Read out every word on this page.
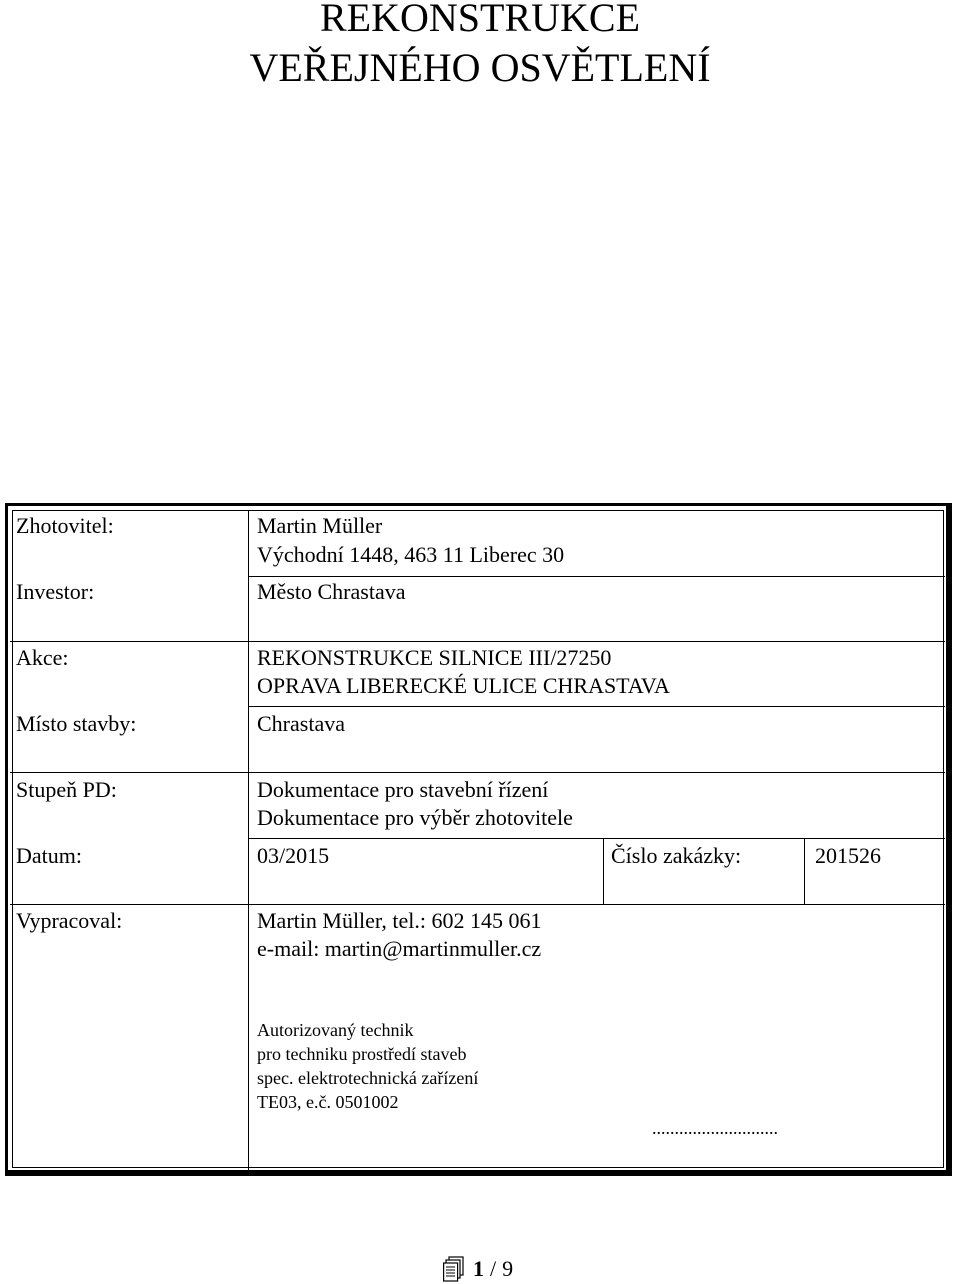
REKONSTRUKCE
VEŘEJNÉHO OSVĚTLENÍ
Zhotovitel:
Investor:
Akce:
Místo stavby:
Stupeň PD:
Datum:
Vypracoval:
Martin Müller
Východní 1448, 463 11 Liberec 30
Město Chrastava
REKONSTRUKCE SILNICE III/27250
OPRAVA LIBERECKÉ ULICE CHRASTAVA
Chrastava
Dokumentace pro stavební řízení
Dokumentace pro výběr zhotovitele
03/2015	Číslo zakázky:	201526
Martin Müller, tel.: 602 145 061
e-mail: martin@martinmuller.cz
Autorizovaný technik
pro techniku prostředí staveb
spec. elektrotechnická zařízení
TE03, e.č. 0501002
............................
1 / 9
